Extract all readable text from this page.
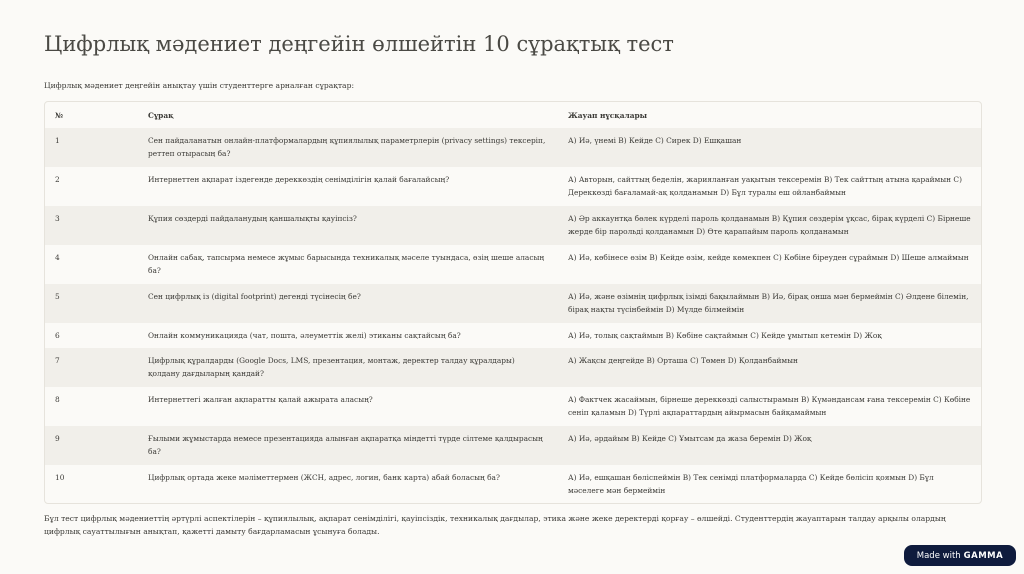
Цифрлық мәдениет деңгейін өлшейтін 10 сұрақтық тест
Цифрлық мәдениет деңгейін анықтау үшін студенттерге арналған сұрақтар:
№	Сұрақ	Жауап нұсқалары
1	Сен пайдаланатын онлайн-платформалардың құпиялылық параметрлерін (privacy settings) тексеріп, реттеп отырасың ба?	А) Иә, үнемі В) Кейде С) Сирек D) Ешқашан
2	Интернеттен ақпарат іздегенде дереккөздің сенімділігін қалай бағалайсың?	А) Авторын, сайттың беделін, жарияланған уақытын тексеремін В) Тек сайттың атына қараймын С) Дереккөзді бағаламай-ақ қолданамын D) Бұл туралы еш ойланбаймын
3	Құпия сөздерді пайдаланудың қаншалықты қауіпсіз?	А) Әр аккаунтқа бөлек күрделі пароль қолданамын В) Құпия сөздерім ұқсас, бірақ күрделі С) Бірнеше жерде бір парольді қолданамын D) Өте қарапайым пароль қолданамын
4	Онлайн сабақ, тапсырма немесе жұмыс барысында техникалық мәселе туындаса, өзің шеше аласың ба?	А) Иә, көбінесе өзім В) Кейде өзім, кейде көмекпен С) Көбіне біреуден сұраймын D) Шеше алмаймын
5	Сен цифрлық із (digital footprint) дегенді түсінесің бе?	А) Иә, және өзімнің цифрлық ізімді бақылаймын В) Иә, бірақ онша мән бермеймін С) Әлдене білемін, бірақ нақты түсінбеймін D) Мүлде білмеймін
6	Онлайн коммуникацияда (чат, пошта, әлеуметтік желі) этиканы сақтайсың ба?	А) Иә, толық сақтаймын В) Көбіне сақтаймын С) Кейде ұмытып кетемін D) Жоқ
7	Цифрлық құралдарды (Google Docs, LMS, презентация, монтаж, деректер талдау құралдары) қолдану дағдыларың қандай?	А) Жақсы деңгейде В) Орташа С) Төмен D) Қолданбаймын
8	Интернеттегі жалған ақпаратты қалай ажырата аласың?	А) Фактчек жасаймын, бірнеше дереккөзді салыстырамын В) Күмәндансам ғана тексеремін С) Көбіне сеніп қаламын D) Түрлі ақпараттардың айырмасын байқамаймын
9	Ғылыми жұмыстарда немесе презентацияда алынған ақпаратқа міндетті түрде сілтеме қалдырасың ба?	А) Иә, әрдайым В) Кейде С) Ұмытсам да жаза беремін D) Жоқ
10	Цифрлық ортада жеке мәліметтермен (ЖСН, адрес, логин, банк карта) абай боласың ба?	А) Иә, ешқашан бөліспеймін В) Тек сенімді платформаларда С) Кейде бөлісіп қоямын D) Бұл мәселеге мән бермеймін
Бұл тест цифрлық мәдениеттің әртүрлі аспектілерін – құпиялылық, ақпарат сенімділігі, қауіпсіздік, техникалық дағдылар, этика және жеке деректерді қорғау – өлшейді. Студенттердің жауаптарын талдау арқылы олардың цифрлық сауаттылығын анықтап, қажетті дамыту бағдарламасын ұсынуға болады.
Made with GAMMA
